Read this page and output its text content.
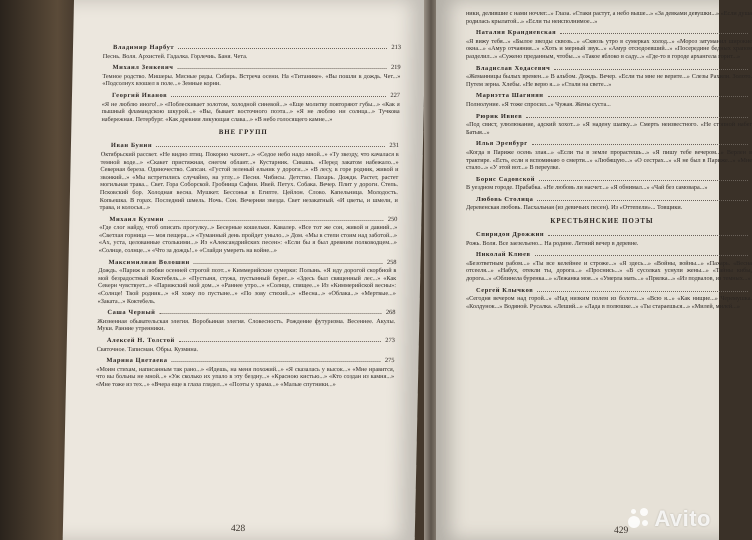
Владимир Нарбут	213
Песнь. Воля. Архистей. Гадалка. Горлечиь. Баня. Чета.
Михаил Зенкевич	219
Темное родство. Мишеры. Мясные ряды. Сибирь. Встреча осени. На «Титанике». «Вы пошли в дождь. Чет...» «Подсолнух взошел в поле...» Земные корни.
Георгий Иванов	227
«Я не люблю иного!..» «Поблескивает золотом, холодной синевой...» «Еще молитву повторяют губы...» «Как я пышный фламандскою шкурой...» «Вы, бывает восточного поэта...» «Я не люблю ни солнца...» Тучкова набережная. Петербург. «Как древняя ликующая слава...» «В небо голосящего камне...»
ВНЕ ГРУПП
Иван Бунин	231
Октябрьский рассвет. «Не видно птиц. Покорно чахнет...» «Седое небо надо мной...» «Ту звезду, что качалася в темной воде...» «Скакет пристяжная, снегом облаит...» Кустарник. Сивашь. «Перед закатом набежало...» Северная береза. Одиночество. Сапсан. «Густой зеленый ельник у дороги...» «В лесу, в горе родник, живой и звонкий...» «Мы встретились случайно, на углу...» Песня. Чибисы. Детство. Пахарь. Дожди. Растет, растет могильная трава... Свет. Гора Соборской. Гробница Сафии. Ивей. Петух. Собака. Вечер. Плит у дороги. Степь. Псковский бор. Холодная весна. Мушкет. Бессонья в Египте. Цейлон. Слово. Капельница. Молодость. Копьешка. В горах. Последний шмель. Ночь. Сон. Вечерняя звезда. Свет незакатный. «И цветы, и шмели, и трава, и колосья...»
Михаил Кузмин	250
«Где слог найду, чтоб описать прогулку...» Бесерные кошельки. Кавалер. «Все тот же сон, живой и давний...» «Светлая горница — моя пещера...» «Туманный день пройдет уныло...» Дом. «Мы в степи стоим над заботой...» «Ах, уста, целованные столькими...» Из «Александрийских песен»: «Если бы я был древним полководцем...» «Солнце, солнце...» «Что за дождь!..» «Слайди умереть на войне...»
Максимилиан Волошин	258
Дождь. «Париж в любви осенней строгой поэт...» Киммерийские сумерки: Полынь. «Я иду дорогой скорбной в мой безрадостный Коктебель...» «Пустыня, стужа, пустынный берег...» «Здесь был священный лес...» «Как Северн чувствует...» «Парижский мой дом...» «Раннее утро...» «Солнце, спящее...» Из «Киммерийской весны»: «Солнце! Твой родник...» «Я хожу по пустыне...» «По зову стихий...» «Весна...» «Облака...» «Мертвые...» «Заката...» Коктебель.
Саша Черный	268
Жизненная обывательская элегия. Воробьиная элегия. Словесность. Рождение футуризма. Весеннее. Акулы. Муки. Ранние утренники.
Алексей Н. Толстой	273
Святочное. Таписман. Обры. Кузмина.
Марина Цветаева	275
«Моим стихам, написанным так рано...» «Идешь, на меня похожий...» «Я сказалась у высок...» «Мне нравится, что вы больны не мной...» «Уж сколько их упало в эту бездну...» «Красною кистью...» «Кто создан из камня...» «Мне тоже из тех...» «Вчера еще в глаза глядел...» «Поэты у храма...» «Малые спутники...»
428
ники, делившие с нами ночлег...» Глаза. «Стаки растут, а небо выше...» «За девками девушки...» «Если душа родилась крылатой...» «Если ты неисполнимое...»
Наталия Крандиевская
«Я вижу тебя...» «Былое звезды сквозь...» «Сквозь утро в сумерках холод...» «Мороз затуманил широкие окна...» «Амур отчаяния...» «Хоть и мерный звук...» «Амур отсюдоевший...» «Посередине бедных храпом разделил...» «Сужено преданным, чтобы...» «Такое яблоко в саду...» «Где-то в городе архангела горит...»
Владислав Ходасевич
«Жеманницы былых времен...» В альбом. Дождь. Вечер. «Если ты мне не верите...» Слезы Рахили. Золото. Путем зерна. Хлебы. «Не верю я...» «Стали на свете...»
Мариэтта Шагинян
Полнолуние. «Я тоже спросил...» Чужая. Жены суста...
Рюрик Ивнев
«Под свист, улюлюкание, адский хохот...» «Я надену шапку...» Смерть неизвестного. «Не стопной набег Батыя...»
Илья Эренбург
«Когда в Париже осень злая...» «Если ты в земле прорастешь...» «Я пишу тебе вечером...» Верлен в трактире. «Есть, если я вспоминаю о смерти...» «Любящую...» «О сестрах...» «Я не был в Париже...» «Мне стало...» «У этой вот...» В переулке.
Борис Садовской
В уездном городе. Прабабка. «Не любовь ли насчет...» «Я обнимал...» «Чай без самовара...»
Любовь Столица
Деревенская любовь. Пасхальная (из девичьих песен). Из «Оттепели»... Товщики.
КРЕСТЬЯНСКИЕ ПОЭТЫ
Спиридон Дрожжин
Рожь. Воля. Все заезельено... На родине. Летний вечер в деревне.
Николай Клюев
«Безответным рабом...» «Ты все келейнее и строже...» «Я здесь...» «Войны, войны...» «Пахарь. «Весна отсееля...» «Набух, отекли ты, дорога...» «Проснись...» «В сусолках уснули жены...» «Тайны кибы, дорога...» «Облинела буренка...» «Лежанка моя...» «Умерла мать...» «Прялка...» «Из подвалов, из темных...»
Сергей Клычков
«Сегодня вечером над горой...» «Над низким полем из болота...» «Всю я...» «Как нищие...» Черемушка. «Колдунок...» Водяной. Русалка. «Леший...» «Лада в полюшке...» «Ты стараешься...» «Милей, милей...»
429 Avito
